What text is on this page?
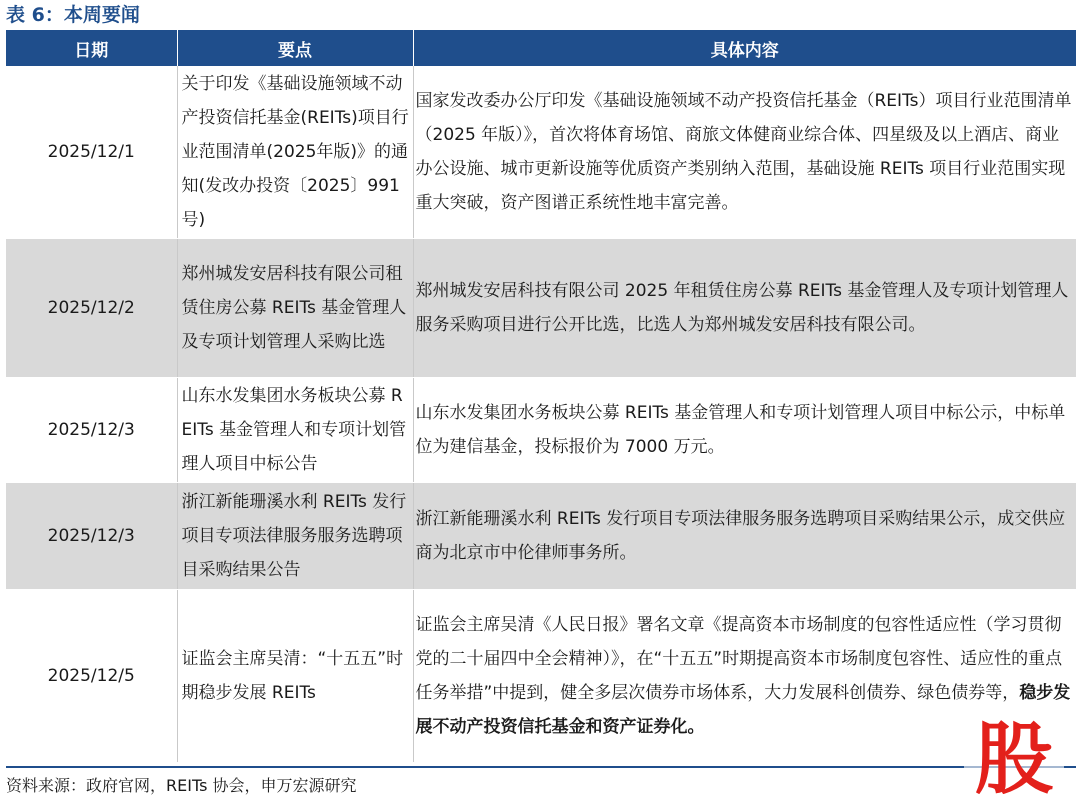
表 6：本周要闻
日期	要点	具体内容
2025/12/1	关于印发《基础设施领域不动产投资信托基金(REITs)项目行业范围清单(2025年版)》的通知(发改办投资〔2025〕991 号)	国家发改委办公厅印发《基础设施领域不动产投资信托基金（REITs）项目行业范围清单（2025 年版）》，首次将体育场馆、商旅文体健商业综合体、四星级及以上酒店、商业办公设施、城市更新设施等优质资产类别纳入范围，基础设施 REITs 项目行业范围实现重大突破，资产图谱正系统性地丰富完善。
2025/12/2	郑州城发安居科技有限公司租赁住房公募 REITs 基金管理人及专项计划管理人采购比选	郑州城发安居科技有限公司 2025 年租赁住房公募 REITs 基金管理人及专项计划管理人服务采购项目进行公开比选，比选人为郑州城发安居科技有限公司。
2025/12/3	山东水发集团水务板块公募 REITs 基金管理人和专项计划管理人项目中标公告	山东水发集团水务板块公募 REITs 基金管理人和专项计划管理人项目中标公示，中标单位为建信基金，投标报价为 7000 万元。
2025/12/3	浙江新能珊溪水利 REITs 发行项目专项法律服务服务选聘项目采购结果公告	浙江新能珊溪水利 REITs 发行项目专项法律服务服务选聘项目采购结果公示，成交供应商为北京市中伦律师事务所。
2025/12/5	证监会主席吴清：“十五五”时期稳步发展 REITs	证监会主席吴清《人民日报》署名文章《提高资本市场制度的包容性适应性（学习贯彻党的二十届四中全会精神）》，在“十五五”时期提高资本市场制度包容性、适应性的重点任务举措”中提到，健全多层次债券市场体系，大力发展科创债券、绿色债券等，稳步发展不动产投资信托基金和资产证券化。
资料来源：政府官网，REITs 协会，申万宏源研究	股
